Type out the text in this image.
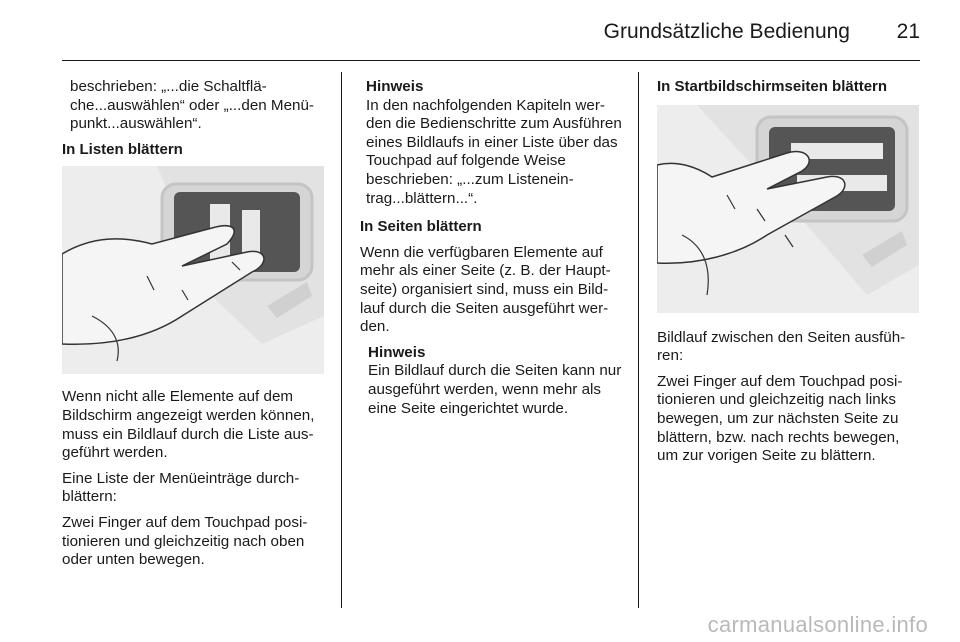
Grundsätzliche Bedienung 21

beschrieben: „...die Schaltfläche...auswählen“ oder „...den Menüpunkt...auswählen“.

In Listen blättern

Wenn nicht alle Elemente auf dem Bildschirm angezeigt werden können, muss ein Bildlauf durch die Liste ausgeführt werden.

Eine Liste der Menüeinträge durchblättern:

Zwei Finger auf dem Touchpad positionieren und gleichzeitig nach oben oder unten bewegen.

Hinweis
In den nachfolgenden Kapiteln werden die Bedienschritte zum Ausführen eines Bildlaufs in einer Liste über das Touchpad auf folgende Weise beschrieben: „...zum Listeneintrag...blättern...“.

In Seiten blättern

Wenn die verfügbaren Elemente auf mehr als einer Seite (z. B. der Hauptseite) organisiert sind, muss ein Bildlauf durch die Seiten ausgeführt werden.

Hinweis
Ein Bildlauf durch die Seiten kann nur ausgeführt werden, wenn mehr als eine Seite eingerichtet wurde.

In Startbildschirmseiten blättern

Bildlauf zwischen den Seiten ausführen:

Zwei Finger auf dem Touchpad positionieren und gleichzeitig nach links bewegen, um zur nächsten Seite zu blättern, bzw. nach rechts bewegen, um zur vorigen Seite zu blättern.

carmanualsonline.info
